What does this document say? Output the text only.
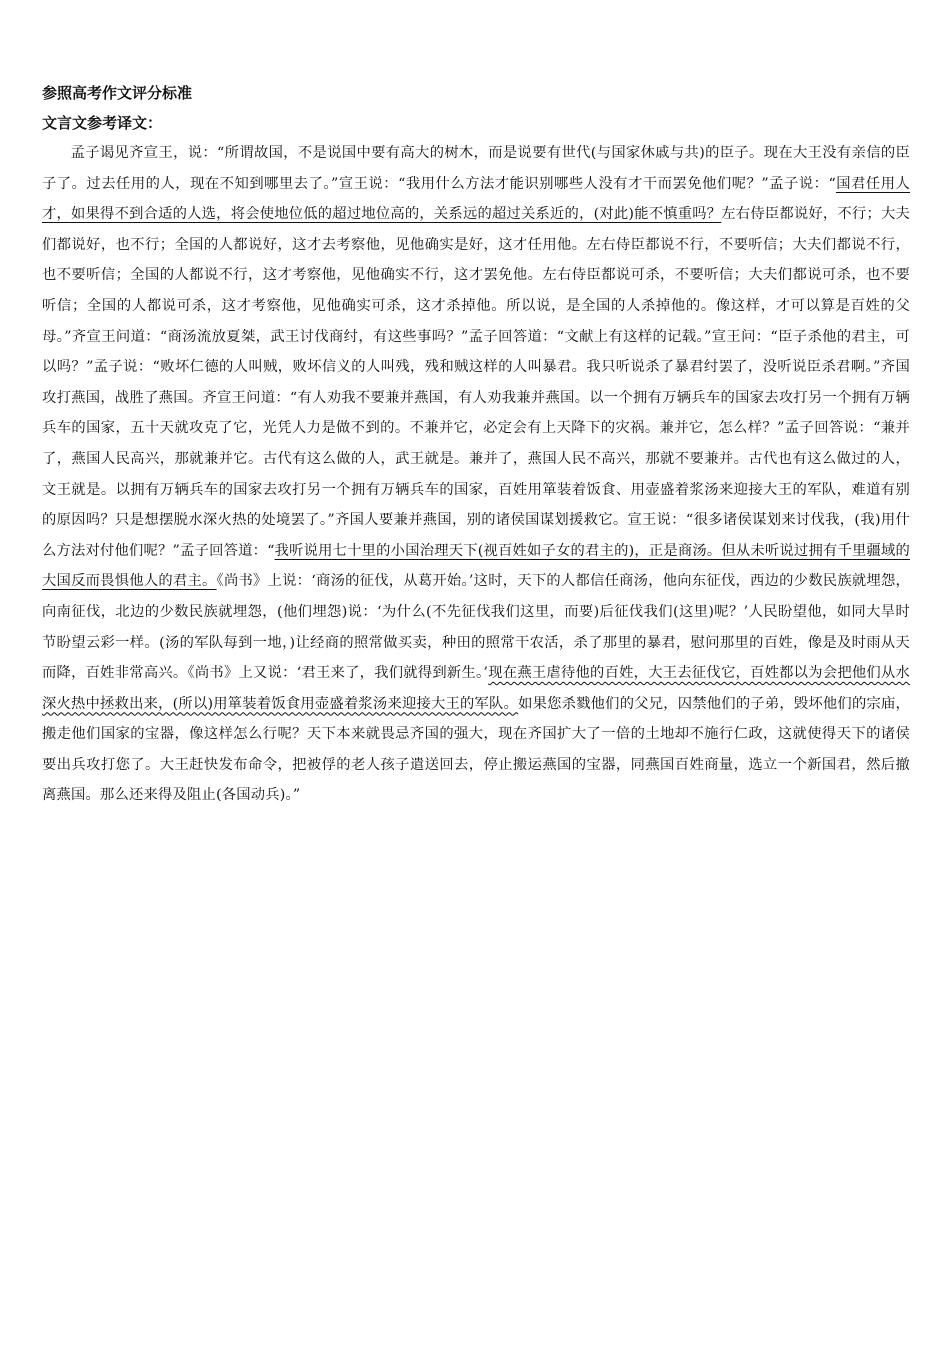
参照高考作文评分标准

文言文参考译文：

孟子谒见齐宣王，说：“所谓故国，不是说国中要有高大的树木，而是说要有世代(与国家休戚与共)的臣子。现在大王没有亲信的臣子了。过去任用的人，现在不知到哪里去了。”宣王说：“我用什么方法才能识别哪些人没有才干而罢免他们呢？”孟子说：“国君任用人才，如果得不到合适的人选，将会使地位低的超过地位高的，关系远的超过关系近的，(对此)能不慎重吗？左右侍臣都说好，不行；大夫们都说好，也不行；全国的人都说好，这才去考察他，见他确实是好，这才任用他。左右侍臣都说不行，不要听信；大夫们都说不行，也不要听信；全国的人都说不行，这才考察他，见他确实不行，这才罢免他。左右侍臣都说可杀，不要听信；大夫们都说可杀，也不要听信；全国的人都说可杀，这才考察他，见他确实可杀，这才杀掉他。所以说，是全国的人杀掉他的。像这样，才可以算是百姓的父母。”齐宣王问道：“商汤流放夏桀，武王讨伐商纣，有这些事吗？”孟子回答道：“文献上有这样的记载。”宣王问：“臣子杀他的君主，可以吗？”孟子说：“败坏仁德的人叫贼，败坏信义的人叫残，残和贼这样的人叫暴君。我只听说杀了暴君纣罢了，没听说臣杀君啊。”齐国攻打燕国，战胜了燕国。齐宣王问道：“有人劝我不要兼并燕国，有人劝我兼并燕国。以一个拥有万辆兵车的国家去攻打另一个拥有万辆兵车的国家，五十天就攻克了它，光凭人力是做不到的。不兼并它，必定会有上天降下的灾祸。兼并它，怎么样？”孟子回答说：“兼并了，燕国人民高兴，那就兼并它。古代有这么做的人，武王就是。兼并了，燕国人民不高兴，那就不要兼并。古代也有这么做过的人，文王就是。以拥有万辆兵车的国家去攻打另一个拥有万辆兵车的国家，百姓用箪装着饭食、用壶盛着浆汤来迎接大王的军队，难道有别的原因吗？只是想摆脱水深火热的处境罢了。”齐国人要兼并燕国，别的诸侯国谋划援救它。宣王说：“很多诸侯谋划来讨伐我，(我)用什么方法对付他们呢？”孟子回答道：“我听说用七十里的小国治理天下(视百姓如子女的君主的)，正是商汤。但从未听说过拥有千里疆域的大国反而畏惧他人的君主。《尚书》上说：‘商汤的征伐，从葛开始。’这时，天下的人都信任商汤，他向东征伐，西边的少数民族就埋怨，向南征伐，北边的少数民族就埋怨，(他们埋怨)说：‘为什么(不先征伐我们这里，而要)后征伐我们(这里)呢？’人民盼望他，如同大旱时节盼望云彩一样。(汤的军队每到一地，)让经商的照常做买卖，种田的照常干农活，杀了那里的暴君，慰问那里的百姓，像是及时雨从天而降，百姓非常高兴。《尚书》上又说：‘君王来了，我们就得到新生。’现在燕王虐待他的百姓，大王去征伐它，百姓都以为会把他们从水深火热中拯救出来，(所以)用箪装着饭食用壶盛着浆汤来迎接大王的军队。如果您杀戮他们的父兄，囚禁他们的子弟，毁坏他们的宗庙，搬走他们国家的宝器，像这样怎么行呢？天下本来就畏忌齐国的强大，现在齐国扩大了一倍的土地却不施行仁政，这就使得天下的诸侯要出兵攻打您了。大王赶快发布命令，把被俘的老人孩子遣送回去，停止搬运燕国的宝器，同燕国百姓商量，选立一个新国君，然后撤离燕国。那么还来得及阻止(各国动兵)。”
